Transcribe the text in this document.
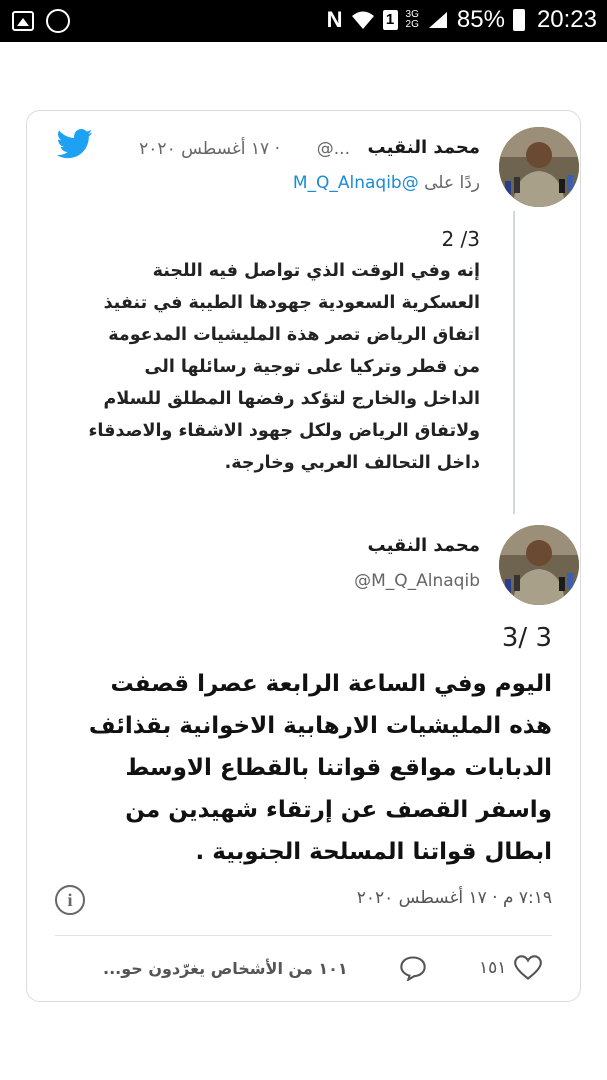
N	1	3G
2G 85% 20:23
محمد النقيب
@...
· ١٧ أغسطس ٢٠٢٠
ردًا على @M_Q_Alnaqib
2 /3
إنه وفي الوقت الذي تواصل فيه اللجنة العسكرية السعودية جهودها الطيبة في تنفيذ اتفاق الرياض تصر هذة المليشيات المدعومة من قطر وتركيا على توجية رسائلها الى الداخل والخارج لتؤكد رفضها المطلق للسلام ولاتفاق الرياض ولكل جهود الاشقاء والاصدقاء داخل التحالف العربي وخارجة.
محمد النقيب
@M_Q_Alnaqib
3/ 3
اليوم وفي الساعة الرابعة عصرا قصفت هذه المليشيات الارهابية الاخوانية بقذائف الدبابات مواقع قواتنا بالقطاع الاوسط واسفر القصف عن إرتقاء شهيدين من ابطال قواتنا المسلحة الجنوبية .
i	٧:١٩ م · ١٧ أغسطس ٢٠٢٠
١٥١
١٠١ من الأشخاص يغرّدون حو...
